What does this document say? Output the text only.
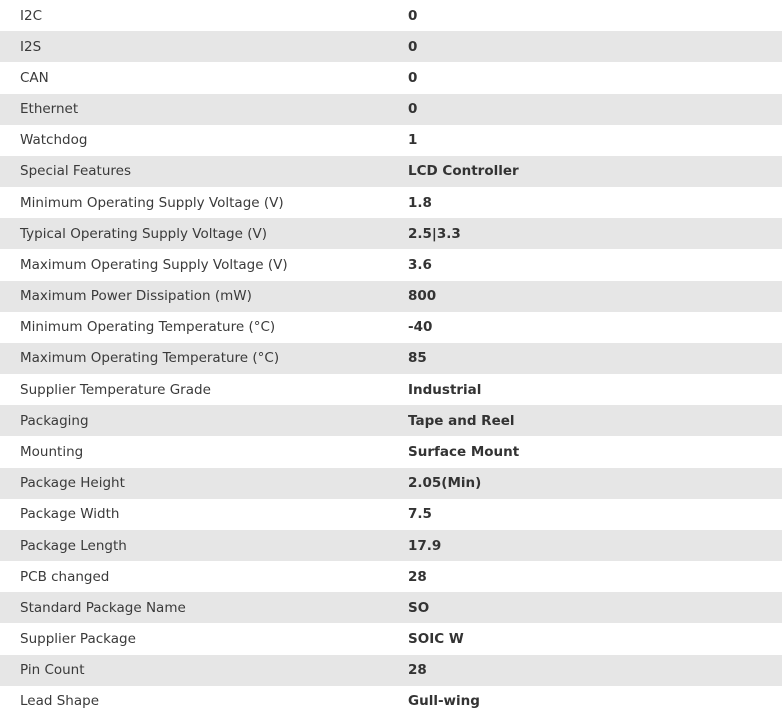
I2C	0
I2S	0
CAN	0
Ethernet	0
Watchdog	1
Special Features	LCD Controller
Minimum Operating Supply Voltage (V)	1.8
Typical Operating Supply Voltage (V)	2.5|3.3
Maximum Operating Supply Voltage (V)	3.6
Maximum Power Dissipation (mW)	800
Minimum Operating Temperature (°C)	-40
Maximum Operating Temperature (°C)	85
Supplier Temperature Grade	Industrial
Packaging	Tape and Reel
Mounting	Surface Mount
Package Height	2.05(Min)
Package Width	7.5
Package Length	17.9
PCB changed	28
Standard Package Name	SO
Supplier Package	SOIC W
Pin Count	28
Lead Shape	Gull-wing
